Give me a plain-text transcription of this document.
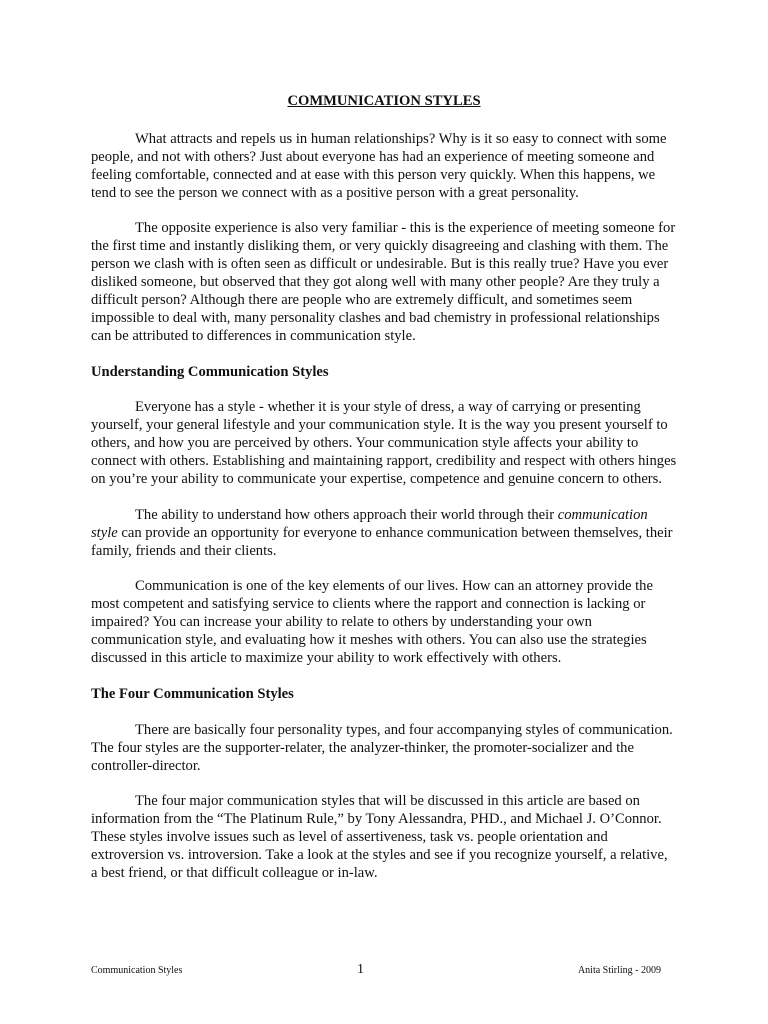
COMMUNICATION STYLES

What attracts and repels us in human relationships? Why is it so easy to connect with some people, and not with others? Just about everyone has had an experience of meeting someone and feeling comfortable, connected and at ease with this person very quickly. When this happens, we tend to see the person we connect with as a positive person with a great personality.

The opposite experience is also very familiar - this is the experience of meeting someone for the first time and instantly disliking them, or very quickly disagreeing and clashing with them. The person we clash with is often seen as difficult or undesirable. But is this really true? Have you ever disliked someone, but observed that they got along well with many other people? Are they truly a difficult person? Although there are people who are extremely difficult, and sometimes seem impossible to deal with, many personality clashes and bad chemistry in professional relationships can be attributed to differences in communication style.

Understanding Communication Styles

Everyone has a style - whether it is your style of dress, a way of carrying or presenting yourself, your general lifestyle and your communication style. It is the way you present yourself to others, and how you are perceived by others. Your communication style affects your ability to connect with others. Establishing and maintaining rapport, credibility and respect with others hinges on you’re your ability to communicate your expertise, competence and genuine concern to others.

The ability to understand how others approach their world through their communication style can provide an opportunity for everyone to enhance communication between themselves, their family, friends and their clients.

Communication is one of the key elements of our lives. How can an attorney provide the most competent and satisfying service to clients where the rapport and connection is lacking or impaired? You can increase your ability to relate to others by understanding your own communication style, and evaluating how it meshes with others. You can also use the strategies discussed in this article to maximize your ability to work effectively with others.

The Four Communication Styles

There are basically four personality types, and four accompanying styles of communication. The four styles are the supporter-relater, the analyzer-thinker, the promoter-socializer and the controller-director.

The four major communication styles that will be discussed in this article are based on information from the “The Platinum Rule,” by Tony Alessandra, PHD., and Michael J. O’Connor. These styles involve issues such as level of assertiveness, task vs. people orientation and extroversion vs. introversion. Take a look at the styles and see if you recognize yourself, a relative, a best friend, or that difficult colleague or in-law.

Communication Styles	1	Anita Stirling - 2009
